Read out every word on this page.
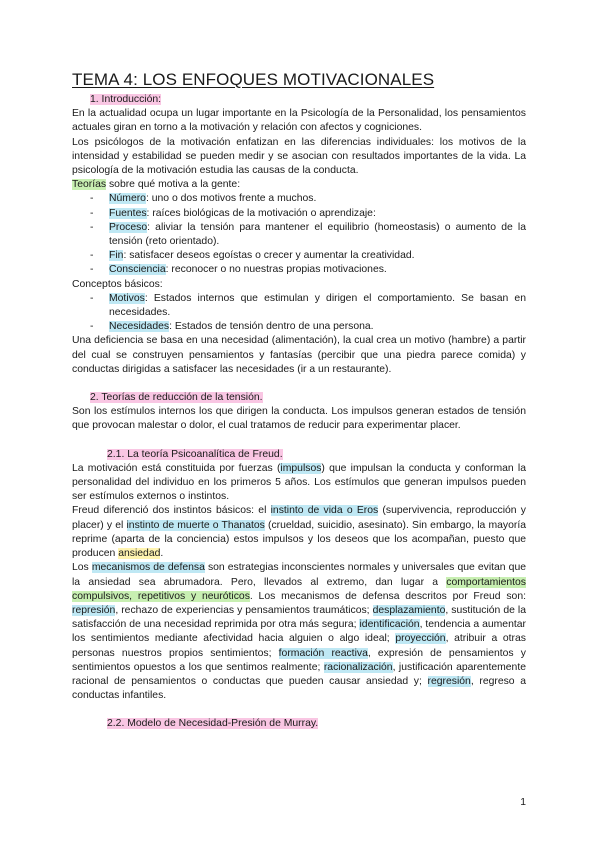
TEMA 4: LOS ENFOQUES MOTIVACIONALES
1. Introducción:

En la actualidad ocupa un lugar importante en la Psicología de la Personalidad, los pensamientos actuales giran en torno a la motivación y relación con afectos y cogniciones.

Los psicólogos de la motivación enfatizan en las diferencias individuales: los motivos de la intensidad y estabilidad se pueden medir y se asocian con resultados importantes de la vida. La psicología de la motivación estudia las causas de la conducta.

Teorías sobre qué motiva a la gente:

- Número: uno o dos motivos frente a muchos.
- Fuentes: raíces biológicas de la motivación o aprendizaje:
- Proceso: aliviar la tensión para mantener el equilibrio (homeostasis) o aumento de la tensión (reto orientado).
- Fin: satisfacer deseos egoístas o crecer y aumentar la creatividad.
- Consciencia: reconocer o no nuestras propias motivaciones.

Conceptos básicos:

- Motivos: Estados internos que estimulan y dirigen el comportamiento. Se basan en necesidades.
- Necesidades: Estados de tensión dentro de una persona.

Una deficiencia se basa en una necesidad (alimentación), la cual crea un motivo (hambre) a partir del cual se construyen pensamientos y fantasías (percibir que una piedra parece comida) y conductas dirigidas a satisfacer las necesidades (ir a un restaurante).

2. Teorías de reducción de la tensión.

Son los estímulos internos los que dirigen la conducta. Los impulsos generan estados de tensión que provocan malestar o dolor, el cual tratamos de reducir para experimentar placer.

2.1. La teoría Psicoanalítica de Freud.

La motivación está constituida por fuerzas (impulsos) que impulsan la conducta y conforman la personalidad del individuo en los primeros 5 años. Los estímulos que generan impulsos pueden ser estímulos externos o instintos.

Freud diferenció dos instintos básicos: el instinto de vida o Eros (supervivencia, reproducción y placer) y el instinto de muerte o Thanatos (crueldad, suicidio, asesinato). Sin embargo, la mayoría reprime (aparta de la conciencia) estos impulsos y los deseos que los acompañan, puesto que producen ansiedad.

Los mecanismos de defensa son estrategias inconscientes normales y universales que evitan que la ansiedad sea abrumadora. Pero, llevados al extremo, dan lugar a comportamientos compulsivos, repetitivos y neuróticos. Los mecanismos de defensa descritos por Freud son: represión, rechazo de experiencias y pensamientos traumáticos; desplazamiento, sustitución de la satisfacción de una necesidad reprimida por otra más segura; identificación, tendencia a aumentar los sentimientos mediante afectividad hacia alguien o algo ideal; proyección, atribuir a otras personas nuestros propios sentimientos; formación reactiva, expresión de pensamientos y sentimientos opuestos a los que sentimos realmente; racionalización, justificación aparentemente racional de pensamientos o conductas que pueden causar ansiedad y; regresión, regreso a conductas infantiles.

2.2. Modelo de Necesidad-Presión de Murray.
1
